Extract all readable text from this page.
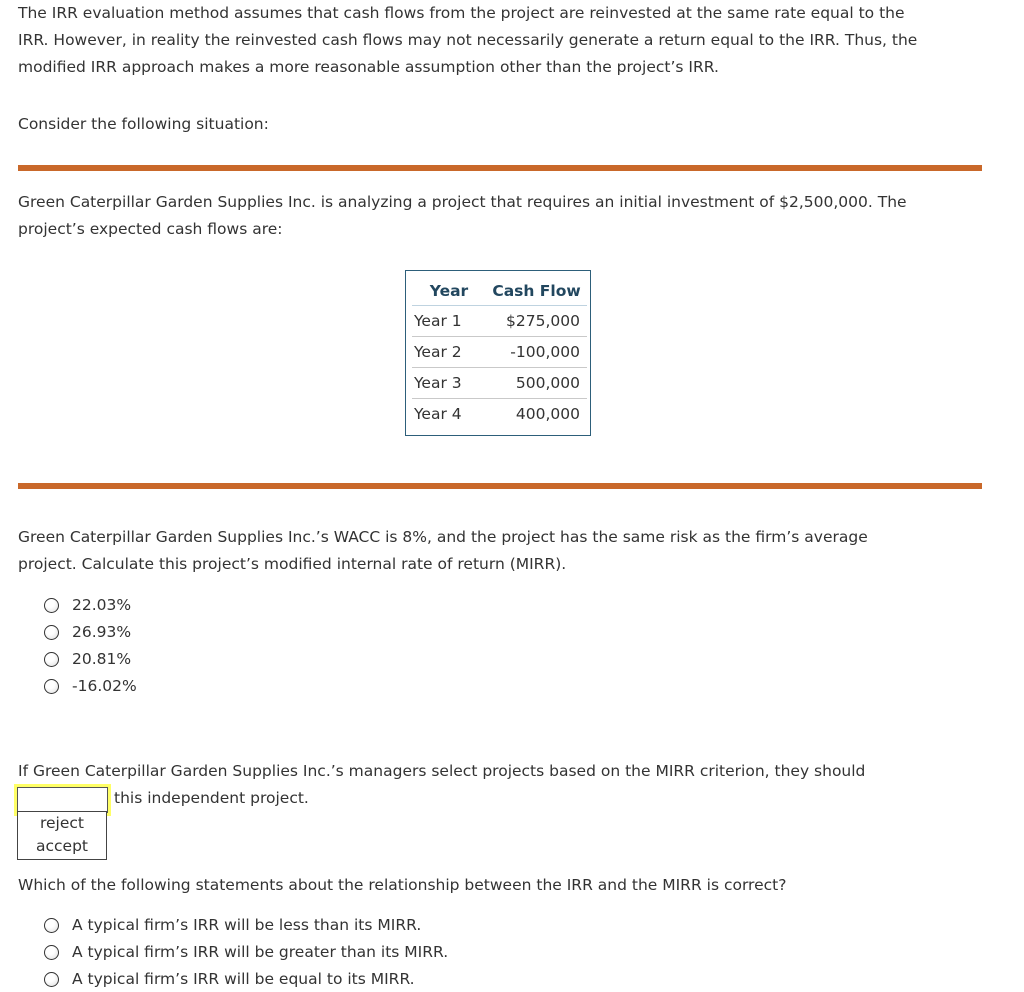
The IRR evaluation method assumes that cash flows from the project are reinvested at the same rate equal to the
IRR. However, in reality the reinvested cash flows may not necessarily generate a return equal to the IRR. Thus, the
modified IRR approach makes a more reasonable assumption other than the project’s IRR.
Consider the following situation:
Green Caterpillar Garden Supplies Inc. is analyzing a project that requires an initial investment of $2,500,000. The
project’s expected cash flows are:
Year	Cash Flow
Year 1	$275,000
Year 2	-100,000
Year 3	500,000
Year 4	400,000
Green Caterpillar Garden Supplies Inc.’s WACC is 8%, and the project has the same risk as the firm’s average
project. Calculate this project’s modified internal rate of return (MIRR).
22.03%
26.93%
20.81%
-16.02%
If Green Caterpillar Garden Supplies Inc.’s managers select projects based on the MIRR criterion, they should
this independent project.
reject
accept
Which of the following statements about the relationship between the IRR and the MIRR is correct?
A typical firm’s IRR will be less than its MIRR.
A typical firm’s IRR will be greater than its MIRR.
A typical firm’s IRR will be equal to its MIRR.
